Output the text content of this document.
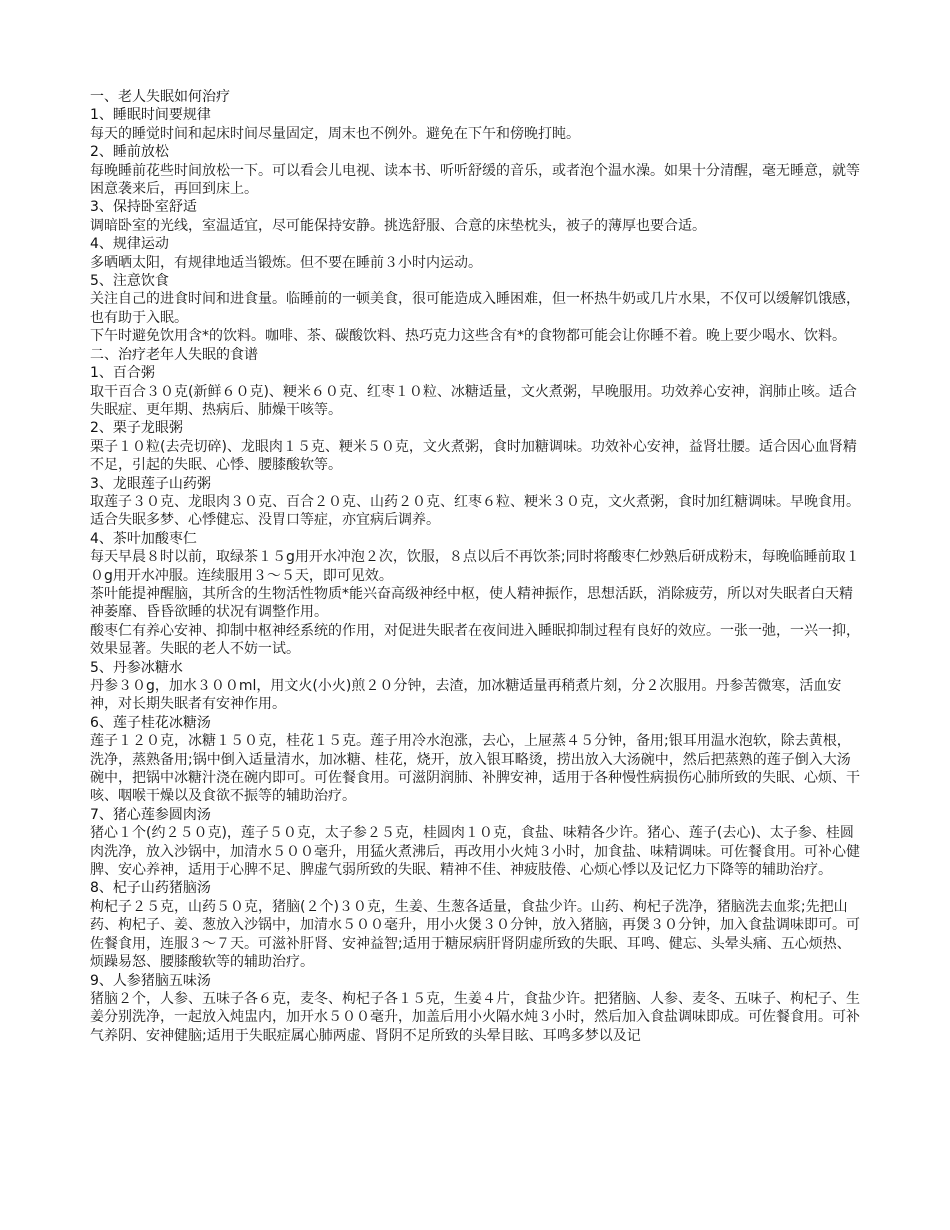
一、老人失眠如何治疗

1、睡眠时间要规律

每天的睡觉时间和起床时间尽量固定，周末也不例外。避免在下午和傍晚打盹。

2、睡前放松

每晚睡前花些时间放松一下。可以看会儿电视、读本书、听听舒缓的音乐，或者泡个温水澡。如果十分清醒，毫无睡意，就等困意袭来后，再回到床上。

3、保持卧室舒适

调暗卧室的光线，室温适宜，尽可能保持安静。挑选舒服、合意的床垫枕头，被子的薄厚也要合适。

4、规律运动

多晒晒太阳，有规律地适当锻炼。但不要在睡前３小时内运动。

5、注意饮食

关注自己的进食时间和进食量。临睡前的一顿美食，很可能造成入睡困难，但一杯热牛奶或几片水果，不仅可以缓解饥饿感，也有助于入眠。

下午时避免饮用含*的饮料。咖啡、茶、碳酸饮料、热巧克力这些含有*的食物都可能会让你睡不着。晚上要少喝水、饮料。

二、治疗老年人失眠的食谱

1、百合粥

取干百合３０克(新鲜６０克)、粳米６０克、红枣１０粒、冰糖适量，文火煮粥，早晚服用。功效养心安神，润肺止咳。适合失眠症、更年期、热病后、肺燥干咳等。

2、栗子龙眼粥

栗子１０粒(去壳切碎)、龙眼肉１５克、粳米５０克，文火煮粥，食时加糖调味。功效补心安神，益肾壮腰。适合因心血肾精不足，引起的失眠、心悸、腰膝酸软等。

3、龙眼莲子山药粥

取莲子３０克、龙眼肉３０克、百合２０克、山药２０克、红枣６粒、粳米３０克，文火煮粥，食时加红糖调味。早晚食用。适合失眠多梦、心悸健忘、没胃口等症，亦宜病后调养。

4、茶叶加酸枣仁

每天早晨８时以前，取绿茶１５g用开水冲泡２次，饮服，８点以后不再饮茶;同时将酸枣仁炒熟后研成粉末，每晚临睡前取１０g用开水冲服。连续服用３～５天，即可见效。

茶叶能提神醒脑，其所含的生物活性物质*能兴奋高级神经中枢，使人精神振作，思想活跃，消除疲劳，所以对失眠者白天精神萎靡、昏昏欲睡的状况有调整作用。

酸枣仁有养心安神、抑制中枢神经系统的作用，对促进失眠者在夜间进入睡眠抑制过程有良好的效应。一张一弛，一兴一抑，效果显著。失眠的老人不妨一试。

5、丹参冰糖水

丹参３０g，加水３００ml，用文火(小火)煎２０分钟，去渣，加冰糖适量再稍煮片刻，分２次服用。丹参苦微寒，活血安神，对长期失眠者有安神作用。

6、莲子桂花冰糖汤

莲子１２０克，冰糖１５０克，桂花１５克。莲子用冷水泡涨，去心，上屉蒸４５分钟，备用;银耳用温水泡软，除去黄根，洗净，蒸熟备用;锅中倒入适量清水，加冰糖、桂花，烧开，放入银耳略烫，捞出放入大汤碗中，然后把蒸熟的莲子倒入大汤碗中，把锅中冰糖汁浇在碗内即可。可佐餐食用。可滋阴润肺、补脾安神，适用于各种慢性病损伤心肺所致的失眠、心烦、干咳、咽喉干燥以及食欲不振等的辅助治疗。

7、猪心莲参圆肉汤

猪心１个(约２５０克)，莲子５０克，太子参２５克，桂圆肉１０克，食盐、味精各少许。猪心、莲子(去心)、太子参、桂圆肉洗净，放入沙锅中，加清水５００毫升，用猛火煮沸后，再改用小火炖３小时，加食盐、味精调味。可佐餐食用。可补心健脾、安心养神，适用于心脾不足、脾虚气弱所致的失眠、精神不佳、神疲肢倦、心烦心悸以及记忆力下降等的辅助治疗。

8、杞子山药猪脑汤

枸杞子２５克，山药５０克，猪脑(２个)３０克，生姜、生葱各适量，食盐少许。山药、枸杞子洗净，猪脑洗去血浆;先把山药、枸杞子、姜、葱放入沙锅中，加清水５００毫升，用小火煲３０分钟，放入猪脑，再煲３０分钟，加入食盐调味即可。可佐餐食用，连服３～７天。可滋补肝肾、安神益智;适用于糖尿病肝肾阴虚所致的失眠、耳鸣、健忘、头晕头痛、五心烦热、烦躁易怒、腰膝酸软等的辅助治疗。

9、人参猪脑五味汤

猪脑２个，人参、五味子各６克，麦冬、枸杞子各１５克，生姜４片，食盐少许。把猪脑、人参、麦冬、五味子、枸杞子、生姜分别洗净，一起放入炖盅内，加开水５００毫升，加盖后用小火隔水炖３小时，然后加入食盐调味即成。可佐餐食用。可补气养阴、安神健脑;适用于失眠症属心肺两虚、肾阴不足所致的头晕目眩、耳鸣多梦以及记
